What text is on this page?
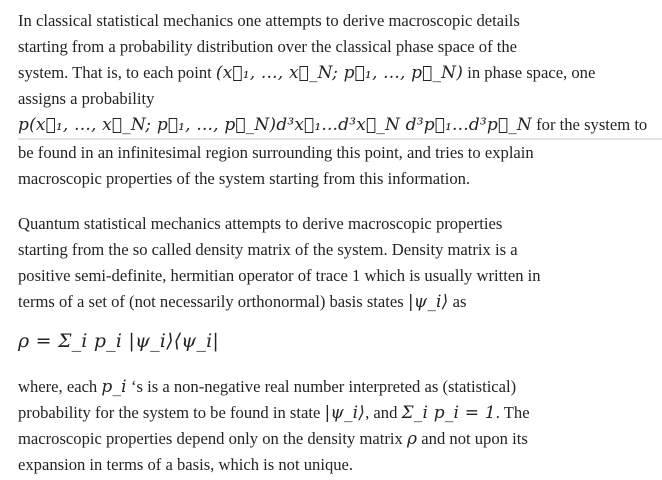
In classical statistical mechanics one attempts to derive macroscopic details
starting from a probability distribution over the classical phase space of the
system. That is, to each point (x⃗₁, ..., x⃗_N; p⃗₁, ..., p⃗_N) in phase space, one
assigns a probability
p(x⃗₁, ..., x⃗_N; p⃗₁, ..., p⃗_N)d³x⃗₁...d³x⃗_N d³p⃗₁...d³p⃗_N for the system to
be found in an infinitesimal region surrounding this point, and tries to explain
macroscopic properties of the system starting from this information.
Quantum statistical mechanics attempts to derive macroscopic properties
starting from the so called density matrix of the system. Density matrix is a
positive semi-definite, hermitian operator of trace 1 which is usually written in
terms of a set of (not necessarily orthonormal) basis states |ψ_i⟩ as
ρ = Σ_i p_i |ψ_i⟩⟨ψ_i|
where, each p_i ‘s is a non-negative real number interpreted as (statistical)
probability for the system to be found in state |ψ_i⟩, and Σ_i p_i = 1. The
macroscopic properties depend only on the density matrix ρ and not upon its
expansion in terms of a basis, which is not unique.
